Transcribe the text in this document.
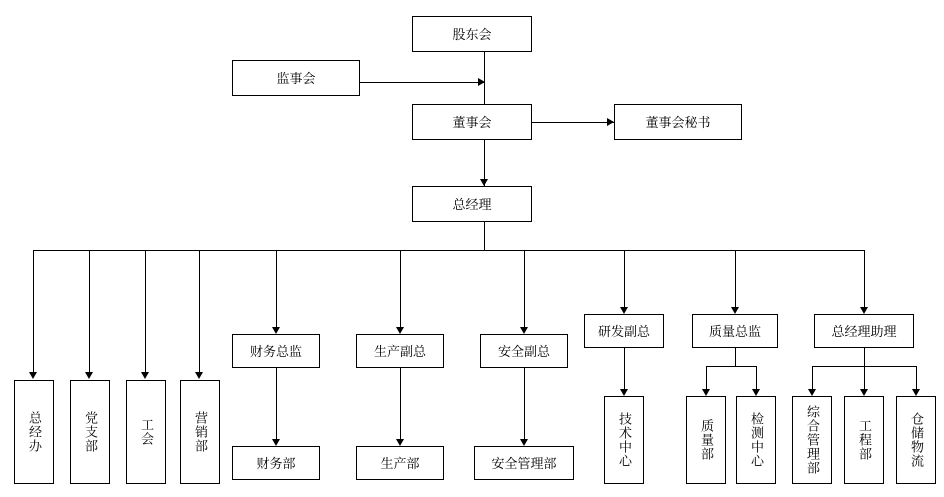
股东会
监事会
董事会	董事会秘书
总经理
财务总监	生产副总	安全副总
研发副总	质量总监	总经理助理
总经办	党支部	工会	营销部
财务部	生产部	安全管理部	技术中心	质量部	检测中心	综合管理部	工程部	仓储物流
